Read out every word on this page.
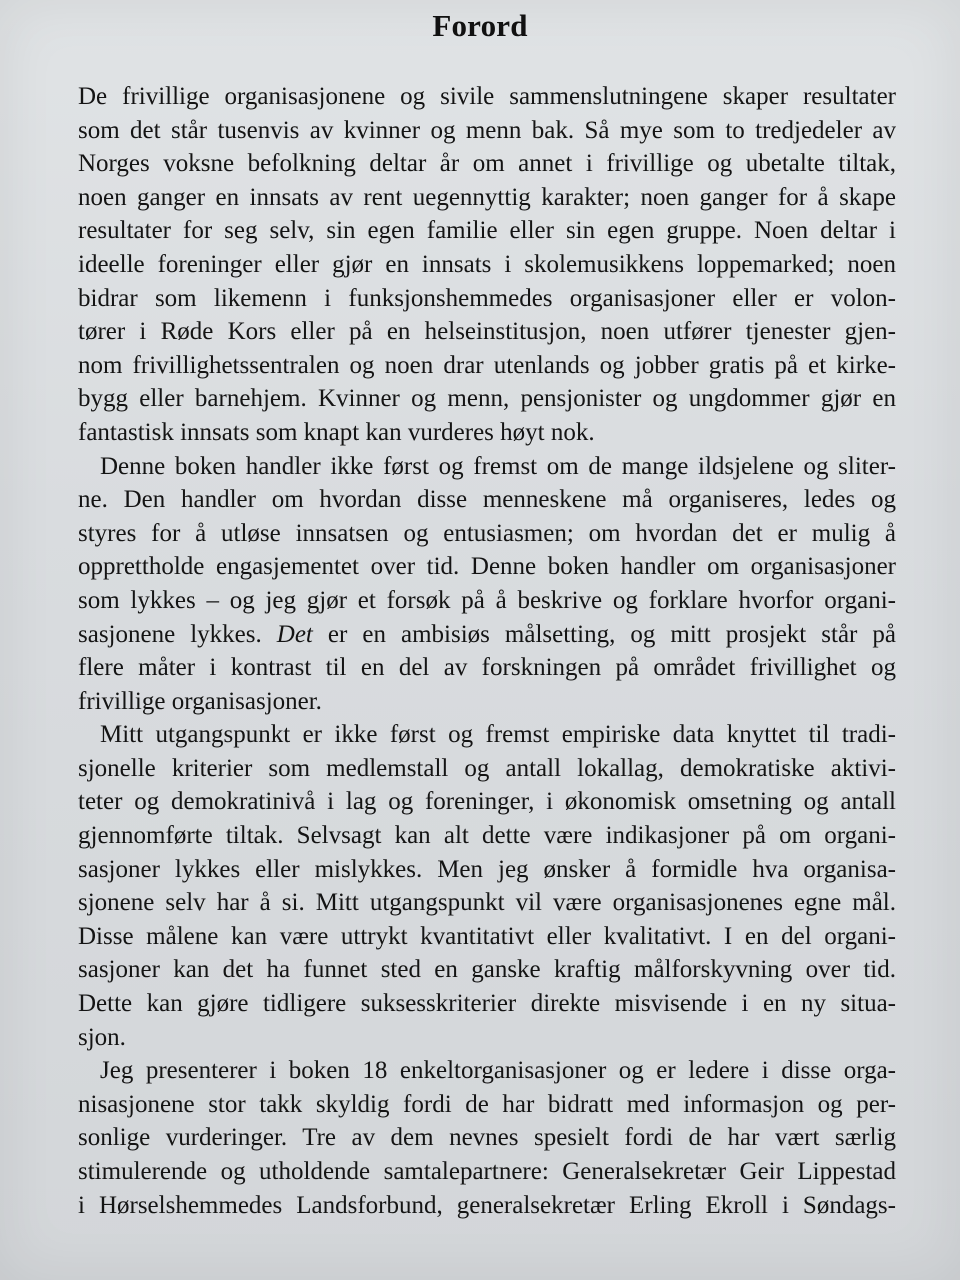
Forord

De frivillige organisasjonene og sivile sammenslutningene skaper resultater
som det står tusenvis av kvinner og menn bak. Så mye som to tredjedeler av
Norges voksne befolkning deltar år om annet i frivillige og ubetalte tiltak,
noen ganger en innsats av rent uegennyttig karakter; noen ganger for å skape
resultater for seg selv, sin egen familie eller sin egen gruppe. Noen deltar i
ideelle foreninger eller gjør en innsats i skolemusikkens loppemarked; noen
bidrar som likemenn i funksjonshemmedes organisasjoner eller er volon-
tører i Røde Kors eller på en helseinstitusjon, noen utfører tjenester gjen-
nom frivillighetssentralen og noen drar utenlands og jobber gratis på et kirke-
bygg eller barnehjem. Kvinner og menn, pensjonister og ungdommer gjør en
fantastisk innsats som knapt kan vurderes høyt nok.

Denne boken handler ikke først og fremst om de mange ildsjelene og sliter-
ne. Den handler om hvordan disse menneskene må organiseres, ledes og
styres for å utløse innsatsen og entusiasmen; om hvordan det er mulig å
opprettholde engasjementet over tid. Denne boken handler om organisasjoner
som lykkes – og jeg gjør et forsøk på å beskrive og forklare hvorfor organi-
sasjonene lykkes. Det er en ambisiøs målsetting, og mitt prosjekt står på
flere måter i kontrast til en del av forskningen på området frivillighet og
frivillige organisasjoner.

Mitt utgangspunkt er ikke først og fremst empiriske data knyttet til tradi-
sjonelle kriterier som medlemstall og antall lokallag, demokratiske aktivi-
teter og demokratinivå i lag og foreninger, i økonomisk omsetning og antall
gjennomførte tiltak. Selvsagt kan alt dette være indikasjoner på om organi-
sasjoner lykkes eller mislykkes. Men jeg ønsker å formidle hva organisa-
sjonene selv har å si. Mitt utgangspunkt vil være organisasjonenes egne mål.
Disse målene kan være uttrykt kvantitativt eller kvalitativt. I en del organi-
sasjoner kan det ha funnet sted en ganske kraftig målforskyvning over tid.
Dette kan gjøre tidligere suksesskriterier direkte misvisende i en ny situa-
sjon.

Jeg presenterer i boken 18 enkeltorganisasjoner og er ledere i disse orga-
nisasjonene stor takk skyldig fordi de har bidratt med informasjon og per-
sonlige vurderinger. Tre av dem nevnes spesielt fordi de har vært særlig
stimulerende og utholdende samtalepartnere: Generalsekretær Geir Lippestad
i Hørselshemmedes Landsforbund, generalsekretær Erling Ekroll i Søndags-
